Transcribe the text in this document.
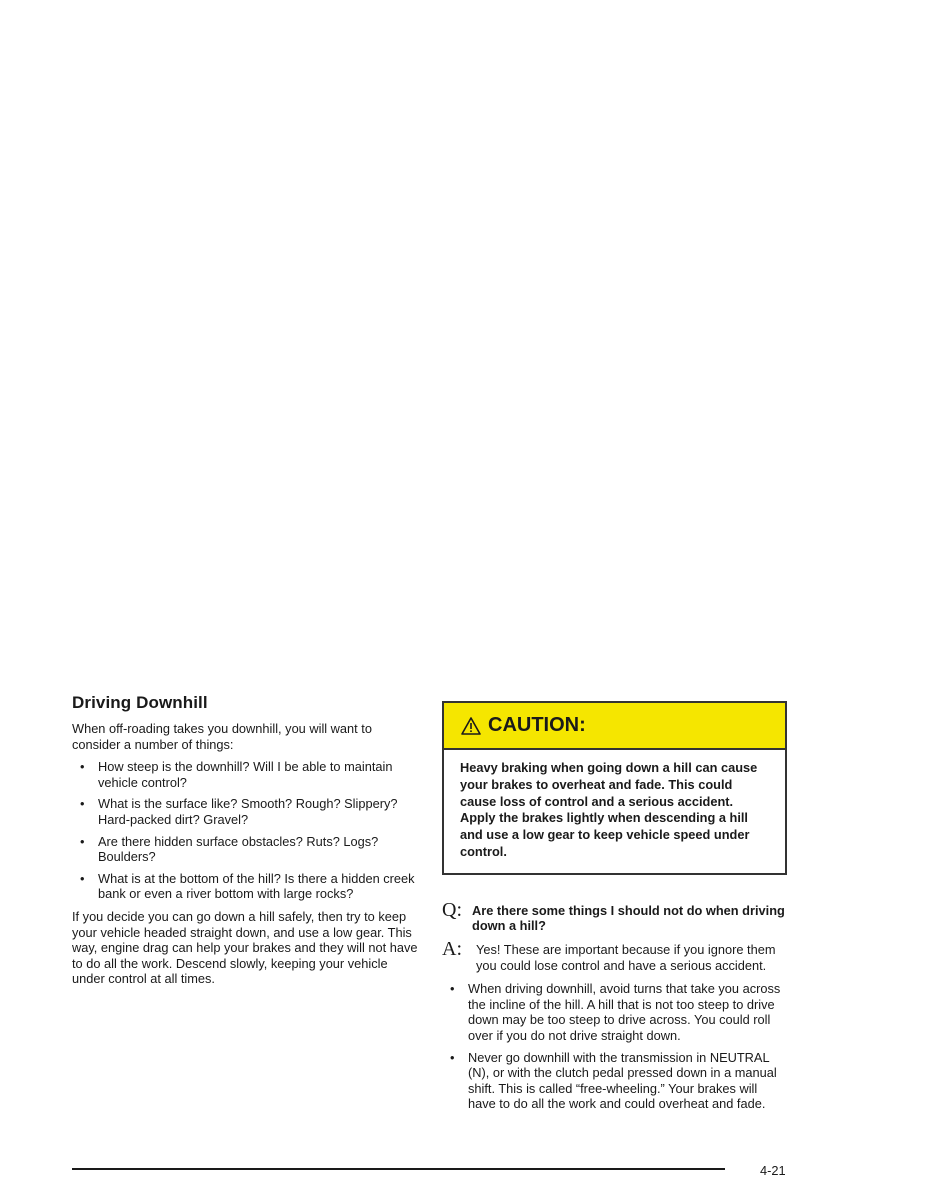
Driving Downhill

When off-roading takes you downhill, you will want to consider a number of things:

• How steep is the downhill? Will I be able to maintain vehicle control?
• What is the surface like? Smooth? Rough? Slippery? Hard-packed dirt? Gravel?
• Are there hidden surface obstacles? Ruts? Logs? Boulders?
• What is at the bottom of the hill? Is there a hidden creek bank or even a river bottom with large rocks?

If you decide you can go down a hill safely, then try to keep your vehicle headed straight down, and use a low gear. This way, engine drag can help your brakes and they will not have to do all the work. Descend slowly, keeping your vehicle under control at all times.

CAUTION:
Heavy braking when going down a hill can cause your brakes to overheat and fade. This could cause loss of control and a serious accident. Apply the brakes lightly when descending a hill and use a low gear to keep vehicle speed under control.
Q: Are there some things I should not do when driving down a hill?
A:	Yes! These are important because if you ignore them you could lose control and have a serious accident.
• When driving downhill, avoid turns that take you across the incline of the hill. A hill that is not too steep to drive down may be too steep to drive across. You could roll over if you do not drive straight down.
• Never go downhill with the transmission in NEUTRAL (N), or with the clutch pedal pressed down in a manual shift. This is called “free-wheeling.” Your brakes will have to do all the work and could overheat and fade.
4-21
